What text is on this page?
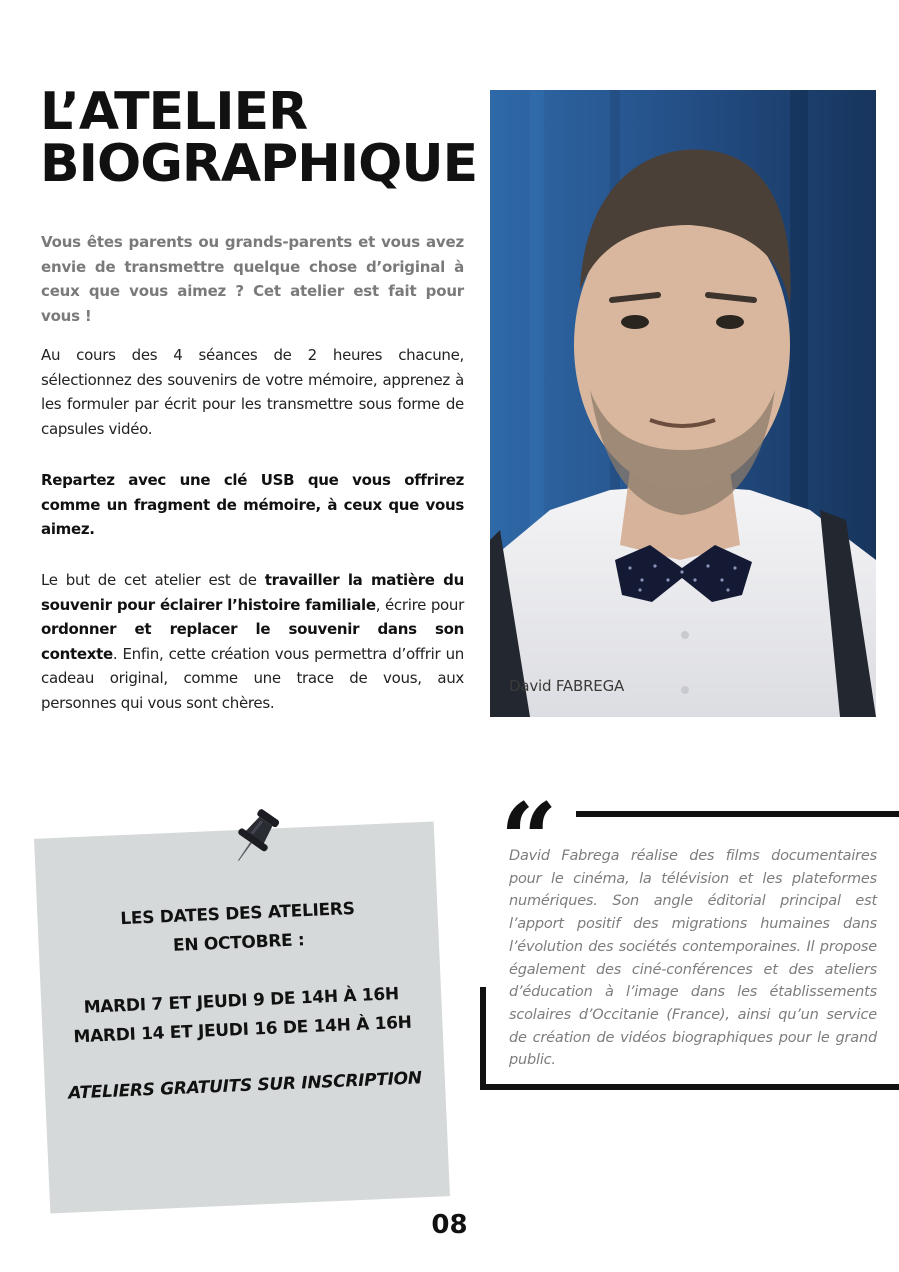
L’ATELIER
BIOGRAPHIQUE

Vous êtes parents ou grands-parents et vous avez envie de transmettre quelque chose d’original à ceux que vous aimez ? Cet atelier est fait pour vous !

Au cours des 4 séances de 2 heures chacune, sélectionnez des souvenirs de votre mémoire, apprenez à les formuler par écrit pour les transmettre sous forme de capsules vidéo.

Repartez avec une clé USB que vous offrirez comme un fragment de mémoire, à ceux que vous aimez.

Le but de cet atelier est de travailler la matière du souvenir pour éclairer l’histoire familiale, écrire pour ordonner et replacer le souvenir dans son contexte. Enfin, cette création vous permettra d’offrir un cadeau original, comme une trace de vous, aux personnes qui vous sont chères.

David FABREGA
LES DATES DES ATELIERS
EN OCTOBRE :
MARDI 7 ET JEUDI 9 DE 14H À 16H
MARDI 14 ET JEUDI 16 DE 14H À 16H
ATELIERS GRATUITS SUR INSCRIPTION
“

David Fabrega réalise des films documentaires pour le cinéma, la télévision et les plateformes numériques. Son angle éditorial principal est l’apport positif des migrations humaines dans l’évolution des sociétés contemporaines. Il propose également des ciné-conférences et des ateliers d’éducation à l’image dans les établissements scolaires d’Occitanie (France), ainsi qu’un service de création de vidéos biographiques pour le grand public.

08
